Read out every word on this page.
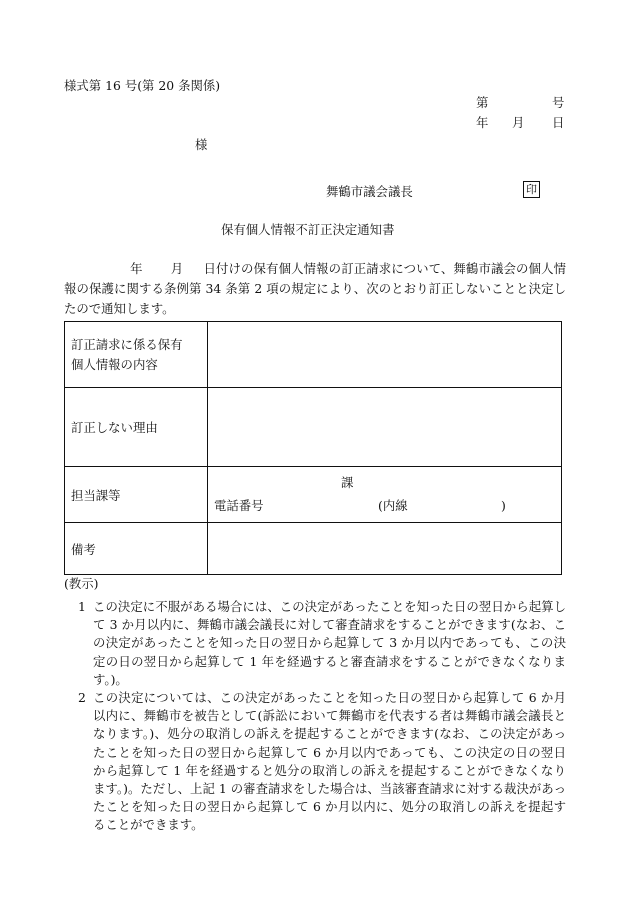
様式第 16 号(第 20 条関係)
第	号
年 月 日
様
舞鶴市議会議長	印
保有個人情報不訂正決定通知書
年 月 日付けの保有個人情報の訂正請求について、舞鶴市議会の個人情報の保護に関する条例第 34 条第 2 項の規定により、次のとおり訂正しないことと決定したので通知します。
訂正請求に係る保有
個人情報の内容	

訂正しない理由	

担当課等	課
電話番号 (内線 )

備考	

(教示)
1 この決定に不服がある場合には、この決定があったことを知った日の翌日から起算して 3 か月以内に、舞鶴市議会議長に対して審査請求をすることができます(なお、この決定があったことを知った日の翌日から起算して 3 か月以内であっても、この決定の日の翌日から起算して 1 年を経過すると審査請求をすることができなくなります。)。
2 この決定については、この決定があったことを知った日の翌日から起算して 6 か月以内に、舞鶴市を被告として(訴訟において舞鶴市を代表する者は舞鶴市議会議長となります。)、処分の取消しの訴えを提起することができます(なお、この決定があったことを知った日の翌日から起算して 6 か月以内であっても、この決定の日の翌日から起算して 1 年を経過すると処分の取消しの訴えを提起することができなくなります。)。ただし、上記 1 の審査請求をした場合は、当該審査請求に対する裁決があったことを知った日の翌日から起算して 6 か月以内に、処分の取消しの訴えを提起することができます。
